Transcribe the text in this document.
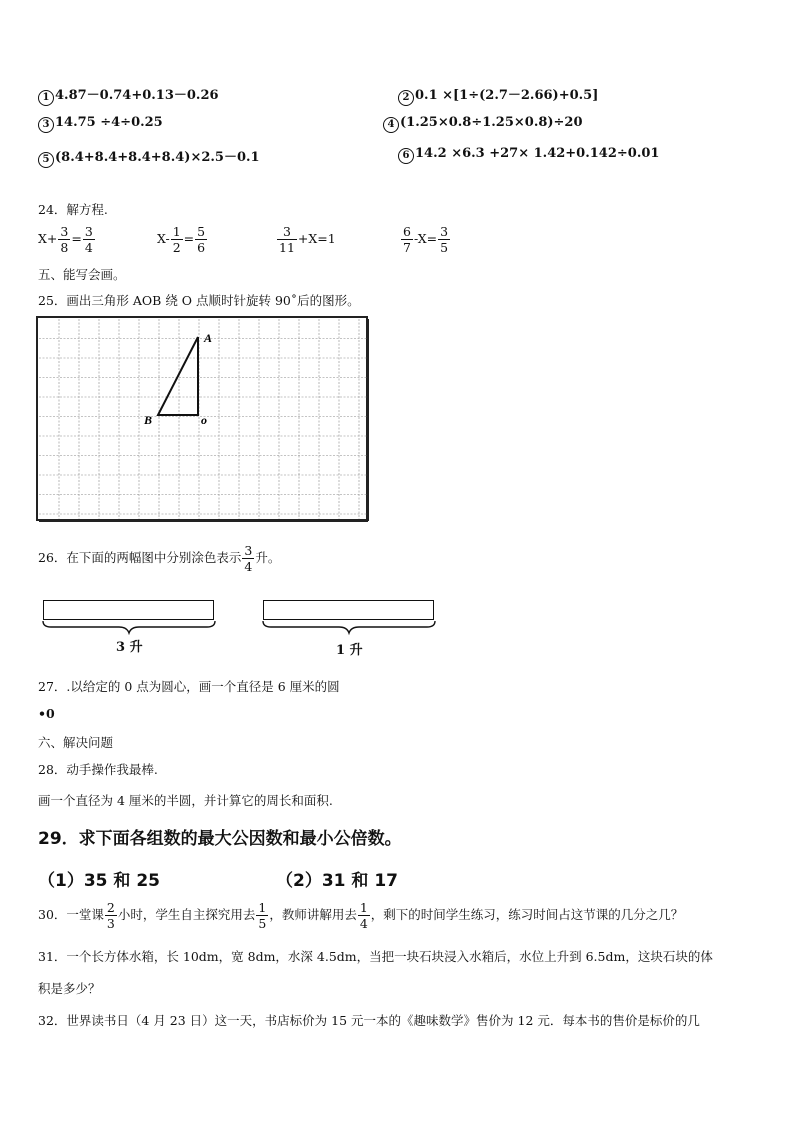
1 4.87－0.74+0.13－0.26	2 0.1 ×[1÷(2.7－2.66)+0.5]
3 14.75 ÷4÷0.25	4 (1.25×0.8÷1.25×0.8)÷20
5 (8.4+8.4+8.4+8.4)×2.5－0.1	6 14.2 ×6.3 +27× 1.42+0.142÷0.01
24．解方程.
$X+ \frac{3}{8} = \frac{3}{4}$	$X- \frac{1}{2} = \frac{5}{6}$	$\frac{3}{11} +X=1$	$\frac{6}{7} -X= \frac{3}{5}$
五、能写会画。
25．画出三角形 AOB 绕 O 点顺时针旋转 90˚后的图形。
A
B	o
26．在下面的两幅图中分别涂色表示 $\frac{3}{4}$ 升。
3 升	1 升
27．.以给定的 0 点为圆心，画一个直径是 6 厘米的圆
•0
六、解决问题
28．动手操作我最棒.
画一个直径为 4 厘米的半圆，并计算它的周长和面积.
29．求下面各组数的最大公因数和最小公倍数。
（1）35 和 25	（2）31 和 17
30．一堂课 $\frac{2}{3}$ 小时，学生自主探究用去 $\frac{1}{5}$ ，教师讲解用去 $\frac{1}{4}$ ，剩下的时间学生练习，练习时间占这节课的几分之几？
31．一个长方体水箱，长 10dm，宽 8dm，水深 4.5dm，当把一块石块浸入水箱后，水位上升到 6.5dm，这块石块的体
积是多少？
32．世界读书日（4 月 23 日）这一天，书店标价为 15 元一本的《趣味数学》售价为 12 元．每本书的售价是标价的几
